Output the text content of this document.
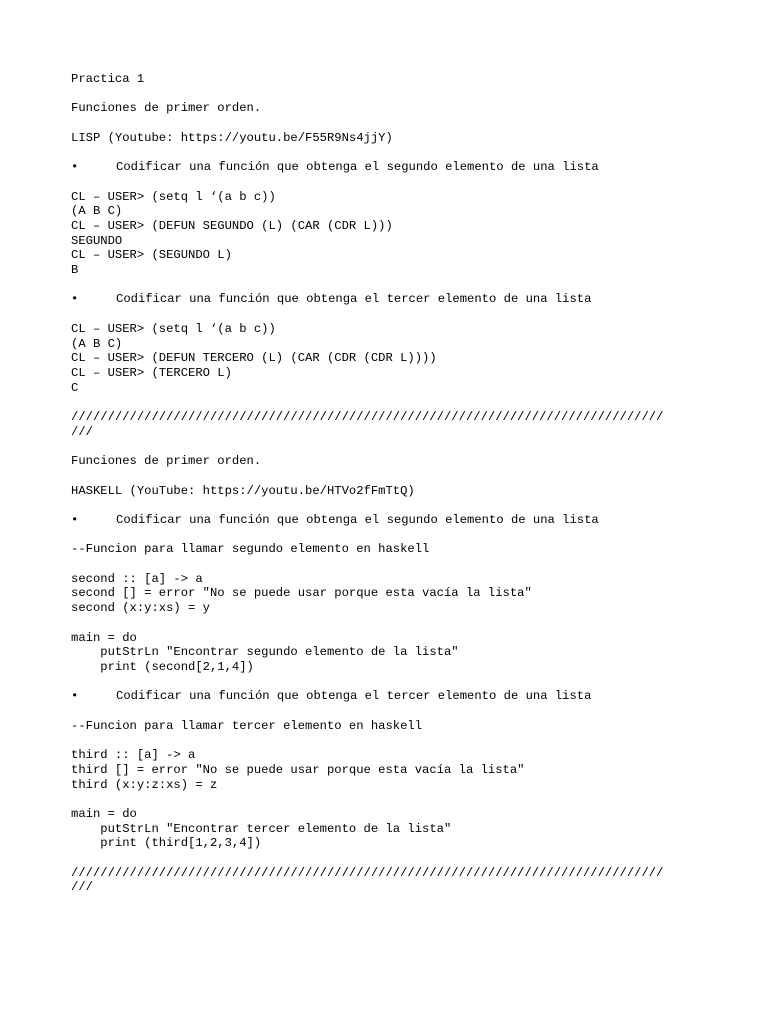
Practica 1
Funciones de primer orden.
LISP (Youtube: https://youtu.be/F55R9Ns4jjY)
•	Codificar una función que obtenga el segundo elemento de una lista
CL – USER> (setq l ‘(a b c))
(A B C)
CL – USER> (DEFUN SEGUNDO (L) (CAR (CDR L)))
SEGUNDO
CL – USER> (SEGUNDO L)
B
•	Codificar una función que obtenga el tercer elemento de una lista
CL – USER> (setq l ‘(a b c))
(A B C)
CL – USER> (DEFUN TERCERO (L) (CAR (CDR (CDR L))))
CL – USER> (TERCERO L)
C
/////////////////////////////////////////////////////////////////////////////////
///
Funciones de primer orden.
HASKELL (YouTube: https://youtu.be/HTVo2fFmTtQ)
•	Codificar una función que obtenga el segundo elemento de una lista
--Funcion para llamar segundo elemento en haskell
second :: [a] -> a
second [] = error "No se puede usar porque esta vacía la lista"
second (x:y:xs) = y
main = do
putStrLn "Encontrar segundo elemento de la lista"
print (second[2,1,4])
•	Codificar una función que obtenga el tercer elemento de una lista
--Funcion para llamar tercer elemento en haskell
third :: [a] -> a
third [] = error "No se puede usar porque esta vacía la lista"
third (x:y:z:xs) = z
main = do
putStrLn "Encontrar tercer elemento de la lista"
print (third[1,2,3,4])
/////////////////////////////////////////////////////////////////////////////////
///
